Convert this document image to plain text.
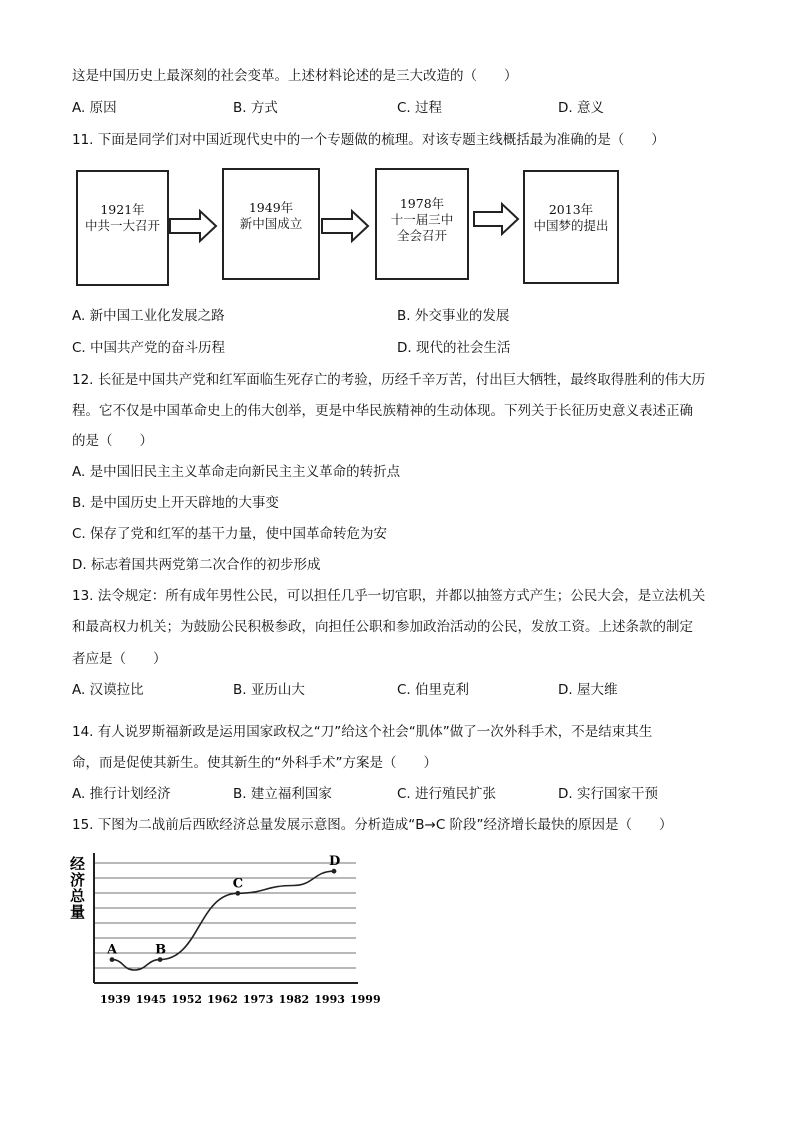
这是中国历史上最深刻的社会变革。上述材料论述的是三大改造的（　　）
A. 原因	B. 方式	C. 过程	D. 意义
11. 下面是同学们对中国近现代史中的一个专题做的梳理。对该专题主线概括最为准确的是（　　）
1921年
中共一大召开
1949年
新中国成立
1978年
十一届三中
全会召开
2013年
中国梦的提出
A. 新中国工业化发展之路	B. 外交事业的发展
C. 中国共产党的奋斗历程	D. 现代的社会生活
12. 长征是中国共产党和红军面临生死存亡的考验，历经千辛万苦，付出巨大牺牲，最终取得胜利的伟大历
程。它不仅是中国革命史上的伟大创举，更是中华民族精神的生动体现。下列关于长征历史意义表述正确
的是（　　）
A. 是中国旧民主主义革命走向新民主主义革命的转折点
B. 是中国历史上开天辟地的大事变
C. 保存了党和红军的基干力量，使中国革命转危为安
D. 标志着国共两党第二次合作的初步形成
13. 法令规定：所有成年男性公民，可以担任几乎一切官职，并都以抽签方式产生；公民大会，是立法机关
和最高权力机关；为鼓励公民积极参政，向担任公职和参加政治活动的公民，发放工资。上述条款的制定
者应是（　　）
A. 汉谟拉比	B. 亚历山大	C. 伯里克利	D. 屋大维
14. 有人说罗斯福新政是运用国家政权之“刀”给这个社会“肌体”做了一次外科手术，不是结束其生
命，而是促使其新生。使其新生的“外科手术”方案是（　　）
A. 推行计划经济	B. 建立福利国家	C. 进行殖民扩张	D. 实行国家干预
15. 下图为二战前后西欧经济总量发展示意图。分析造成“B→C 阶段”经济增长最快的原因是（　　）
经济总量
A	B
C
D
1939 1945 1952 1962 1973 1982 1993 1999
